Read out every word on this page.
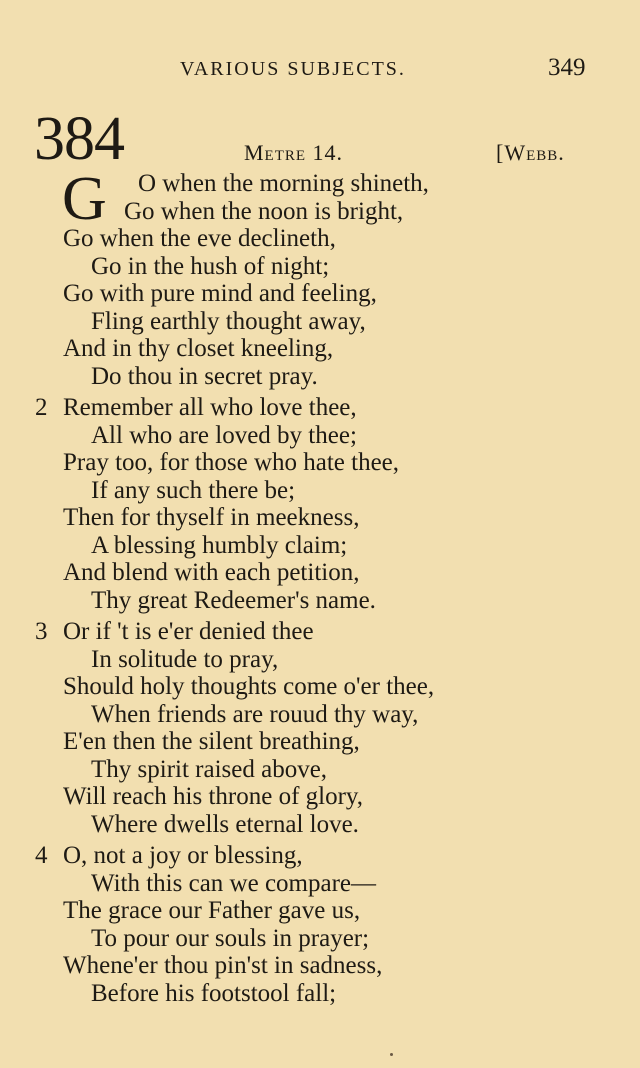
VARIOUS SUBJECTS.	349
384	Metre 14.	[Webb.
G O when the morning shineth,
Go when the noon is bright,
Go when the eve declineth,
Go in the hush of night;
Go with pure mind and feeling,
Fling earthly thought away,
And in thy closet kneeling,
Do thou in secret pray.
2 Remember all who love thee,
All who are loved by thee;
Pray too, for those who hate thee,
If any such there be;
Then for thyself in meekness,
A blessing humbly claim;
And blend with each petition,
Thy great Redeemer's name.
3 Or if 't is e'er denied thee
In solitude to pray,
Should holy thoughts come o'er thee,
When friends are rouud thy way,
E'en then the silent breathing,
Thy spirit raised above,
Will reach his throne of glory,
Where dwells eternal love.
4 O, not a joy or blessing,
With this can we compare—
The grace our Father gave us,
To pour our souls in prayer;
Whene'er thou pin'st in sadness,
Before his footstool fall;
